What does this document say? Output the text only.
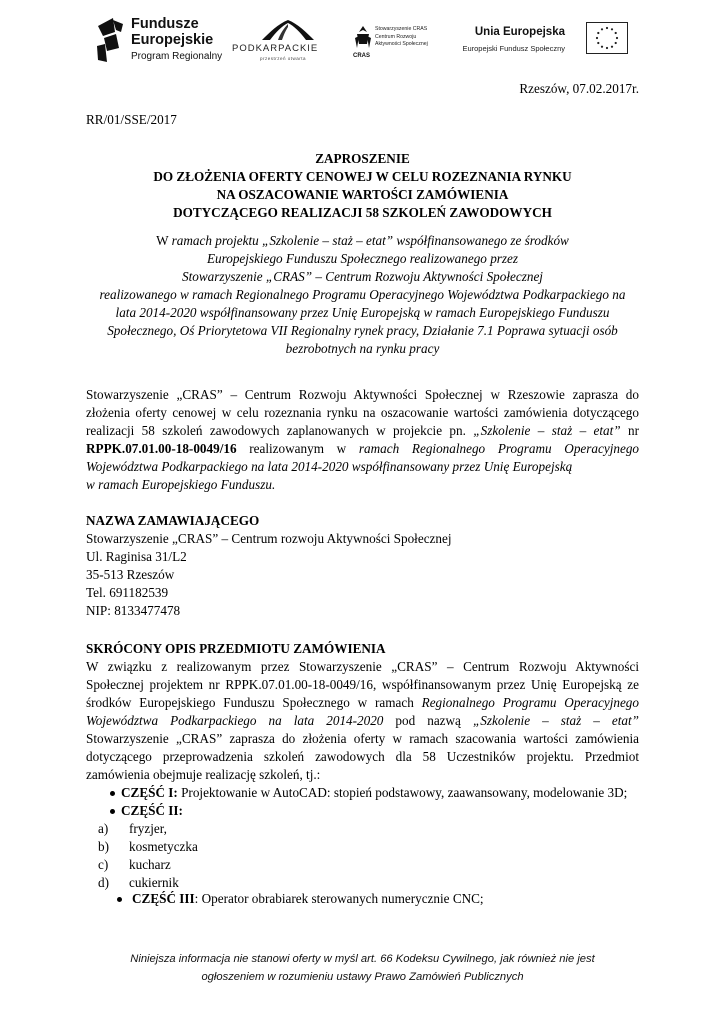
Fundusze
Europejskie
Program Regionalny
PODKARPACKIE
przestrzeń otwarta	CRAS
Stowarzyszenie CRAS
Centrum Rozwoju
Aktywności Społecznej
Unia Europejska
Europejski Fundusz Społeczny
Rzeszów, 07.02.2017r.
RR/01/SSE/2017
ZAPROSZENIE
DO ZŁOŻENIA OFERTY CENOWEJ W CELU ROZEZNANIA RYNKU
NA OSZACOWANIE WARTOŚCI ZAMÓWIENIA
DOTYCZĄCEGO REALIZACJI 58 SZKOLEŃ ZAWODOWYCH
W ramach projektu „Szkolenie – staż – etat” współfinansowanego ze środków
Europejskiego Funduszu Społecznego realizowanego przez
Stowarzyszenie „CRAS” – Centrum Rozwoju Aktywności Społecznej
realizowanego w ramach Regionalnego Programu Operacyjnego Województwa Podkarpackiego na
lata 2014-2020 współfinansowany przez Unię Europejską w ramach Europejskiego Funduszu
Społecznego, Oś Priorytetowa VII Regionalny rynek pracy, Działanie 7.1 Poprawa sytuacji osób
bezrobotnych na rynku pracy
Stowarzyszenie „CRAS” – Centrum Rozwoju Aktywności Społecznej w Rzeszowie zaprasza do
złożenia oferty cenowej w celu rozeznania rynku na oszacowanie wartości zamówienia dotyczącego
realizacji 58 szkoleń zawodowych zaplanowanych w projekcie pn. „Szkolenie – staż – etat” nr
RPPK.07.01.00-18-0049/16 realizowanym w ramach Regionalnego Programu Operacyjnego
Województwa Podkarpackiego na lata 2014-2020 współfinansowany przez Unię Europejską
w ramach Europejskiego Funduszu.
NAZWA ZAMAWIAJĄCEGO
Stowarzyszenie „CRAS” – Centrum rozwoju Aktywności Społecznej
Ul. Raginisa 31/L2
35-513 Rzeszów
Tel. 691182539
NIP: 8133477478
SKRÓCONY OPIS PRZEDMIOTU ZAMÓWIENIA
W związku z realizowanym przez Stowarzyszenie „CRAS” – Centrum Rozwoju Aktywności
Społecznej projektem nr RPPK.07.01.00-18-0049/16, współfinansowanym przez Unię Europejską ze
środków Europejskiego Funduszu Społecznego w ramach Regionalnego Programu Operacyjnego
Województwa Podkarpackiego na lata 2014-2020 pod nazwą „Szkolenie – staż – etat”
Stowarzyszenie „CRAS” zaprasza do złożenia oferty w ramach szacowania wartości zamówienia
dotyczącego przeprowadzenia szkoleń zawodowych dla 58 Uczestników projektu. Przedmiot
zamówienia obejmuje realizację szkoleń, tj.:
CZĘŚĆ I: Projektowanie w AutoCAD: stopień podstawowy, zaawansowany, modelowanie 3D;
CZĘŚĆ II:
a) fryzjer,
b) kosmetyczka
c) kucharz
d) cukiernik
CZĘŚĆ III: Operator obrabiarek sterowanych numerycznie CNC;
Niniejsza informacja nie stanowi oferty w myśl art. 66 Kodeksu Cywilnego, jak również nie jest
ogłoszeniem w rozumieniu ustawy Prawo Zamówień Publicznych
